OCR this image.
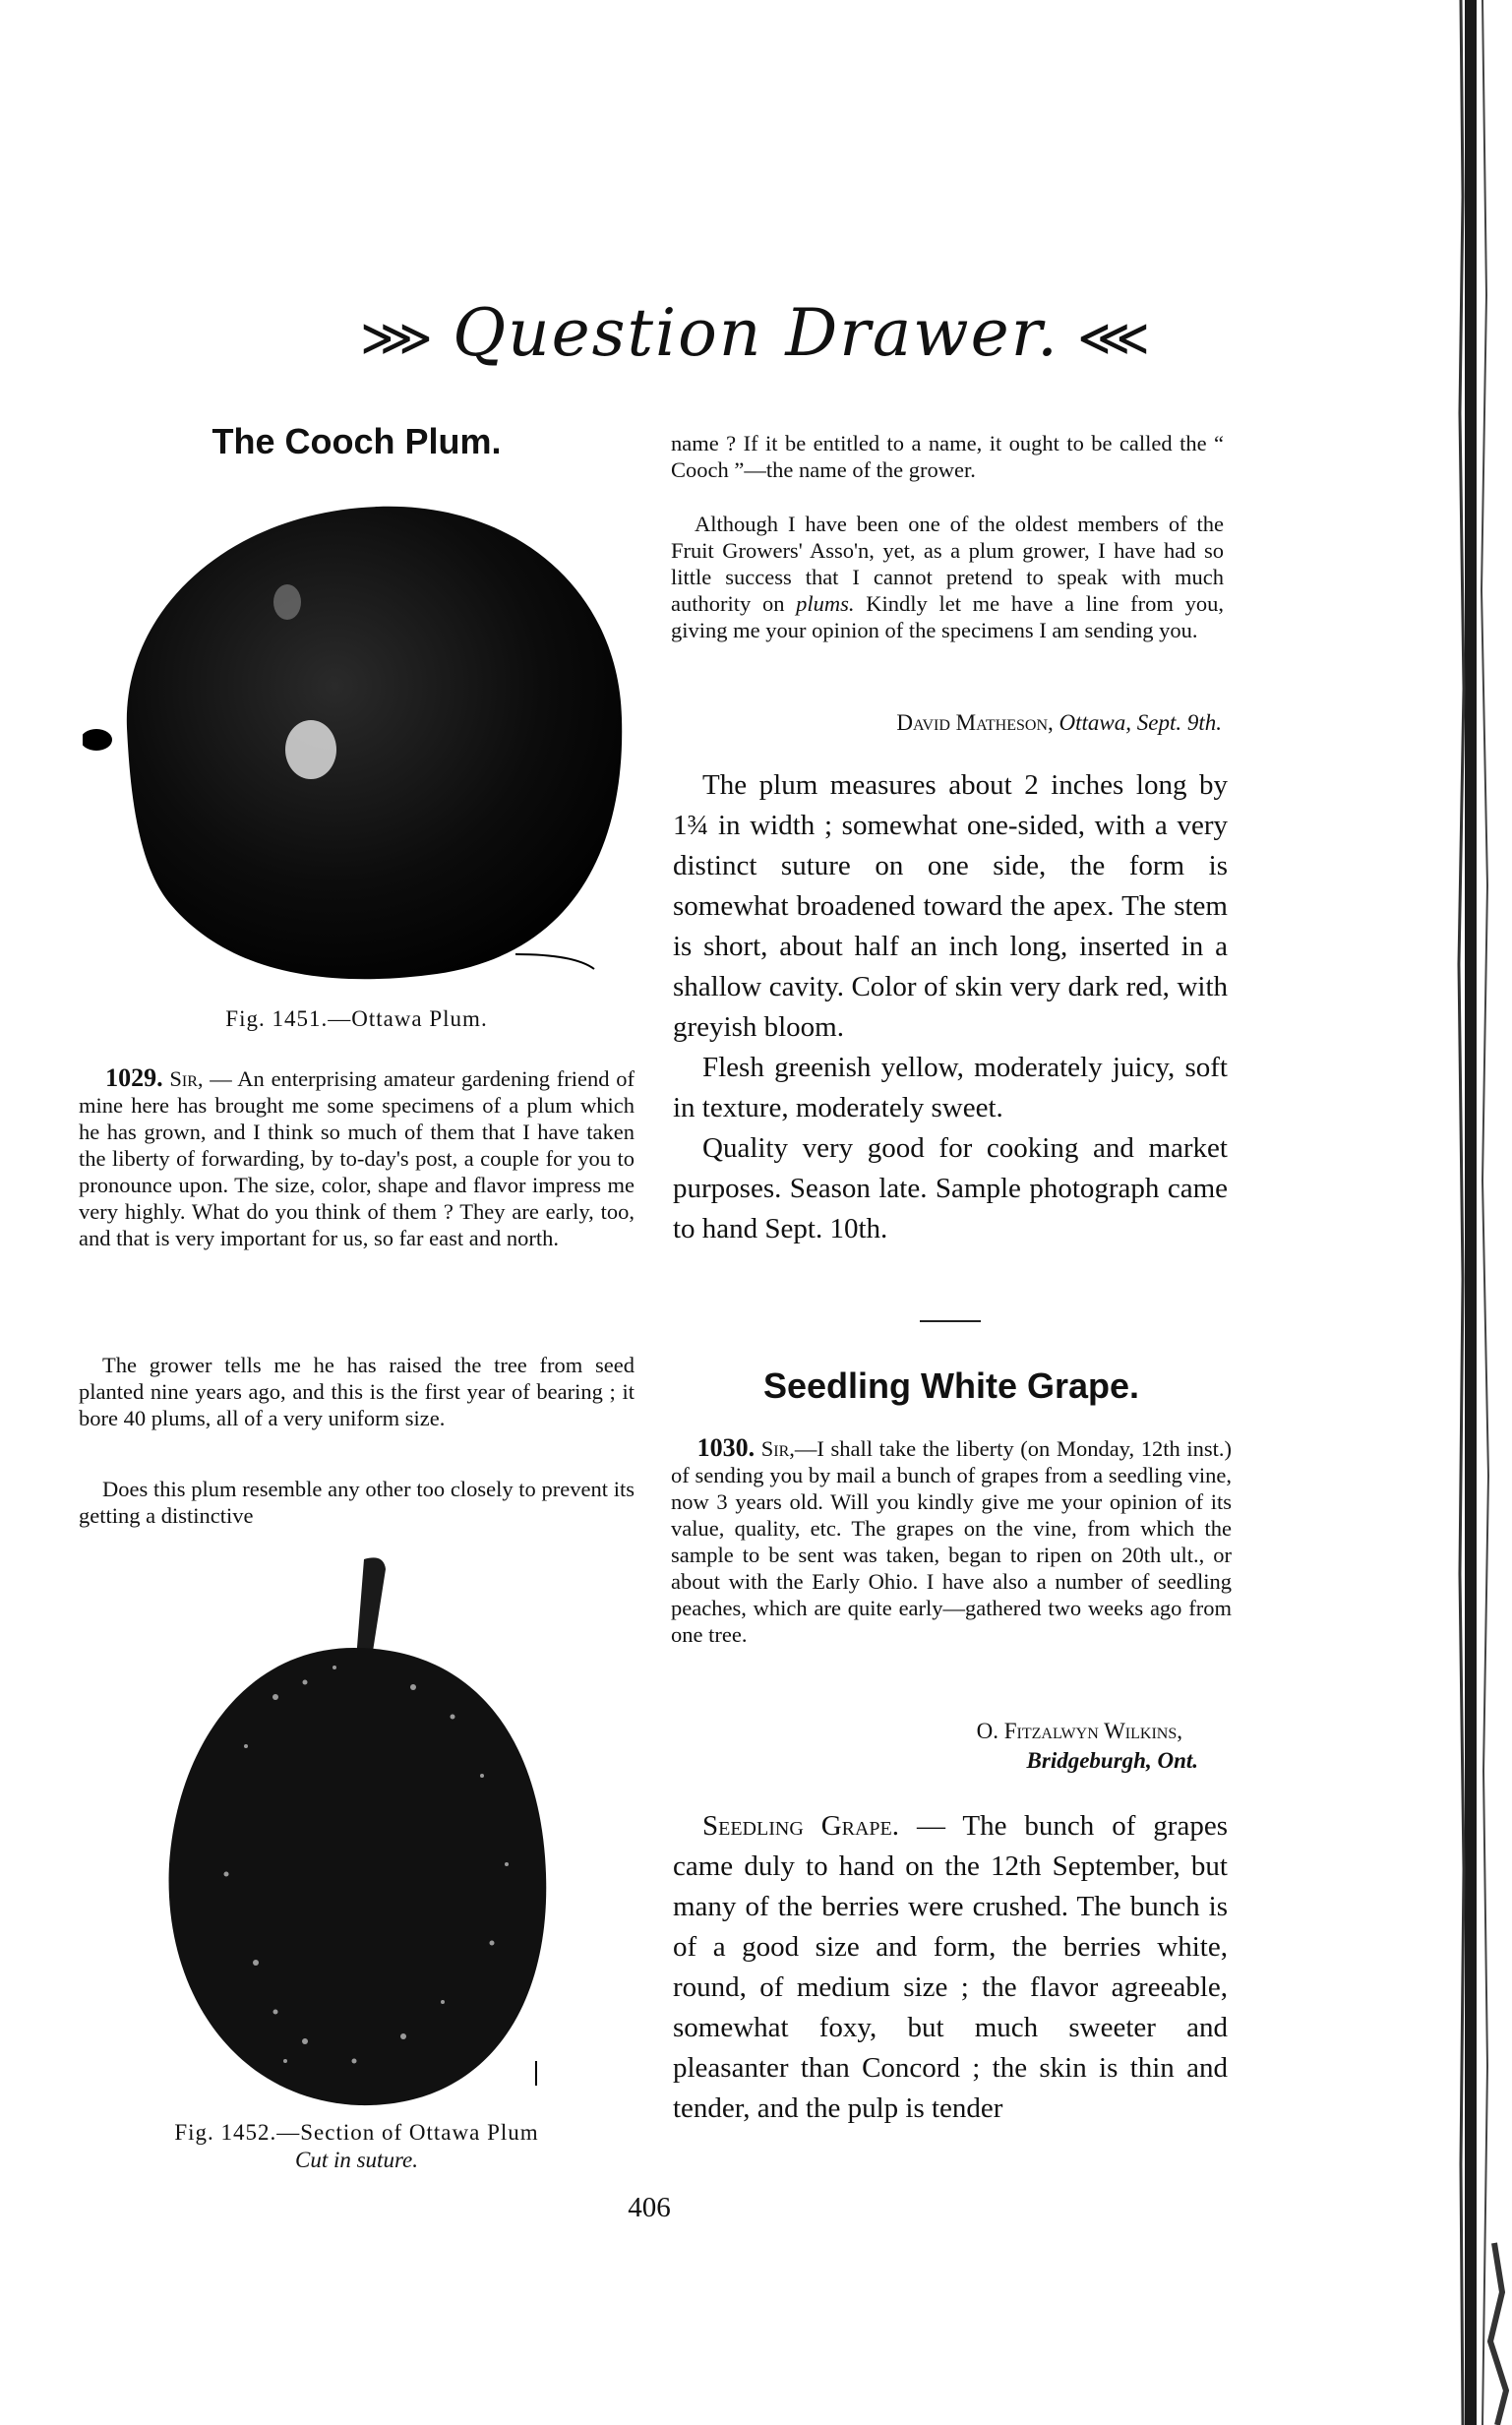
⋙ Question Drawer. ⋘
The Cooch Plum.
Fig. 1451.—Ottawa Plum.

1029. Sir, — An enterprising amateur gardening friend of mine here has brought me some specimens of a plum which he has grown, and I think so much of them that I have taken the liberty of forwarding, by to-day's post, a couple for you to pronounce upon. The size, color, shape and flavor impress me very highly. What do you think of them ? They are early, too, and that is very important for us, so far east and north.

The grower tells me he has raised the tree from seed planted nine years ago, and this is the first year of bearing ; it bore 40 plums, all of a very uniform size.

Does this plum resemble any other too closely to prevent its getting a distinctive

Fig. 1452.—Section of Ottawa Plum
Cut in suture.

name ? If it be entitled to a name, it ought to be called the “ Cooch ”—the name of the grower.

Although I have been one of the oldest members of the Fruit Growers' Asso'n, yet, as a plum grower, I have had so little success that I cannot pretend to speak with much authority on plums. Kindly let me have a line from you, giving me your opinion of the specimens I am sending you.

David Matheson, Ottawa, Sept. 9th.

The plum measures about 2 inches long by 1¾ in width ; somewhat one-sided, with a very distinct suture on one side, the form is somewhat broadened toward the apex. The stem is short, about half an inch long, inserted in a shallow cavity. Color of skin very dark red, with greyish bloom.

Flesh greenish yellow, moderately juicy, soft in texture, moderately sweet.

Quality very good for cooking and market purposes. Season late. Sample photograph came to hand Sept. 10th.

Seedling White Grape.

1030. Sir,—I shall take the liberty (on Monday, 12th inst.) of sending you by mail a bunch of grapes from a seedling vine, now 3 years old. Will you kindly give me your opinion of its value, quality, etc. The grapes on the vine, from which the sample to be sent was taken, began to ripen on 20th ult., or about with the Early Ohio. I have also a number of seedling peaches, which are quite early—gathered two weeks ago from one tree.

O. Fitzalwyn Wilkins,
Bridgeburgh, Ont.

Seedling Grape. — The bunch of grapes came duly to hand on the 12th September, but many of the berries were crushed. The bunch is of a good size and form, the berries white, round, of medium size ; the flavor agreeable, somewhat foxy, but much sweeter and pleasanter than Concord ; the skin is thin and tender, and the pulp is tender

406
